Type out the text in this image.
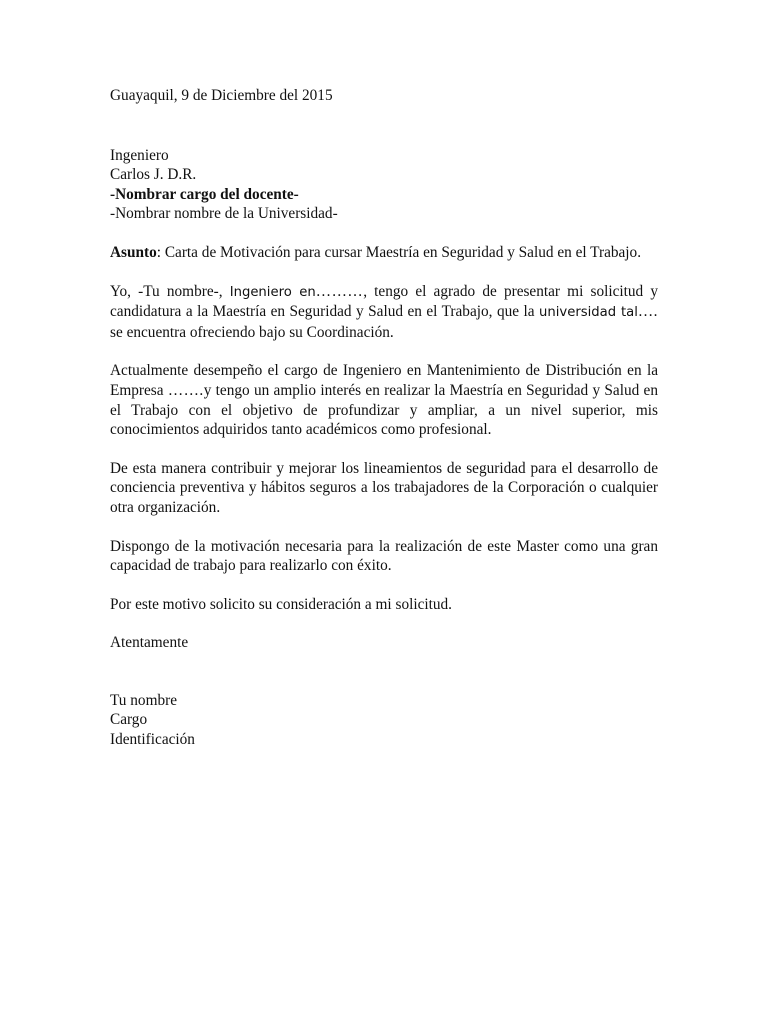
Guayaquil, 9 de Diciembre del 2015
Ingeniero
Carlos J. D.R.
-Nombrar cargo del docente-
-Nombrar nombre de la Universidad-
Asunto: Carta de Motivación para cursar Maestría en Seguridad y Salud en el Trabajo.
Yo, -Tu nombre-, Ingeniero en………, tengo el agrado de presentar mi solicitud y candidatura a la Maestría en Seguridad y Salud en el Trabajo, que la universidad tal…. se encuentra ofreciendo bajo su Coordinación.
Actualmente desempeño el cargo de Ingeniero en Mantenimiento de Distribución en la Empresa …….y tengo un amplio interés en realizar la Maestría en Seguridad y Salud en el Trabajo con el objetivo de profundizar y ampliar, a un nivel superior, mis conocimientos adquiridos tanto académicos como profesional.
De esta manera contribuir y mejorar los lineamientos de seguridad para el desarrollo de conciencia preventiva y hábitos seguros a los trabajadores de la Corporación o cualquier otra organización.
Dispongo de la motivación necesaria para la realización de este Master como una gran capacidad de trabajo para realizarlo con éxito.
Por este motivo solicito su consideración a mi solicitud.
Atentamente
Tu nombre
Cargo
Identificación
